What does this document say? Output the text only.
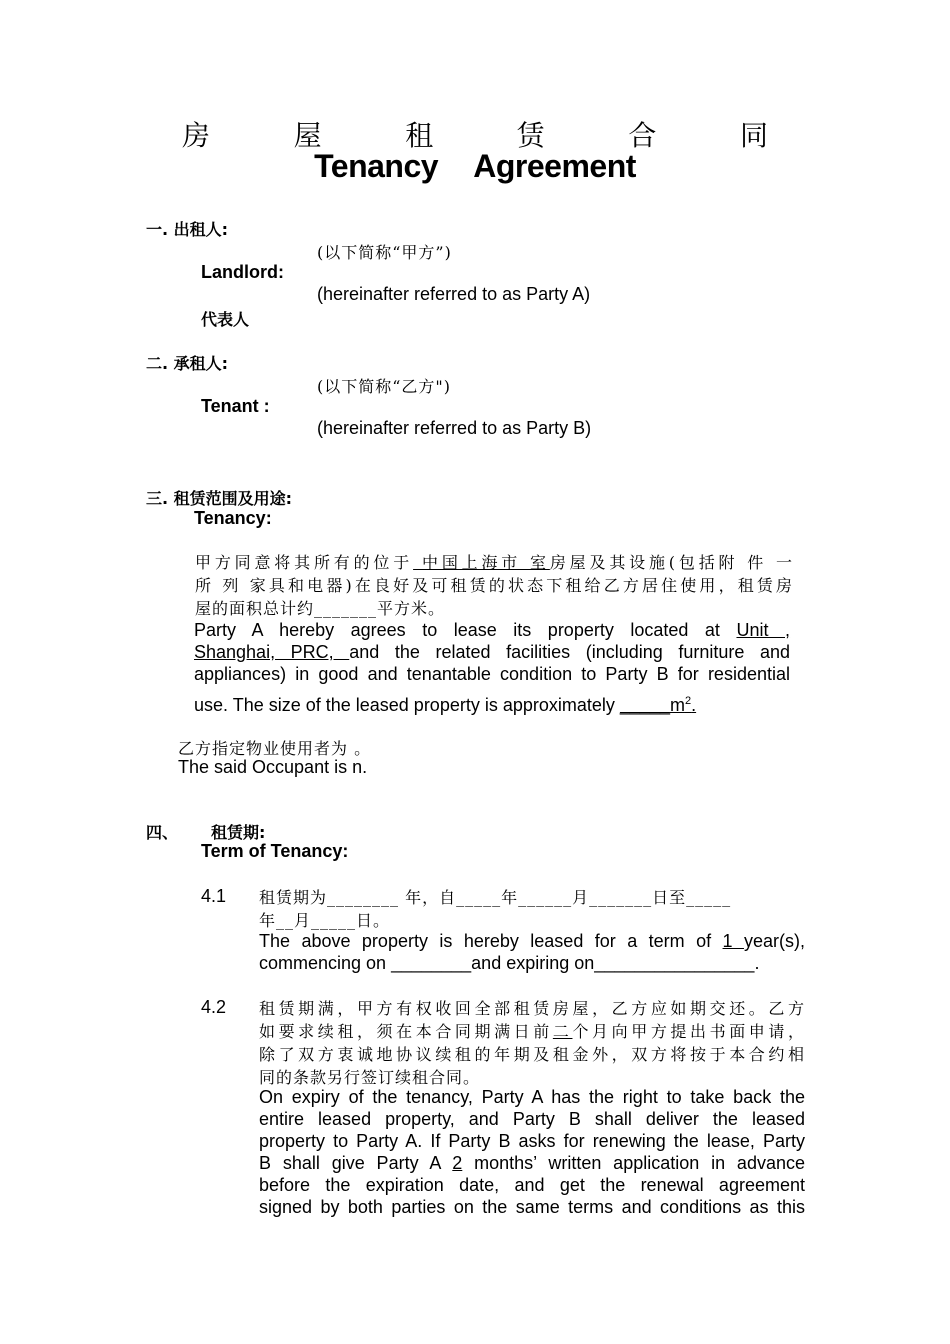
房	屋	租	赁	合	同
Tenancy Agreement
一. 出租人:
(以下简称“甲方”)
Landlord:
(hereinafter referred to as Party A)
代表人
二. 承租人:
(以下简称“乙方")
Tenant :
(hereinafter referred to as Party B)
三. 租赁范围及用途:
Tenancy:
甲方同意将其所有的位于 中国上海市 室房屋及其设施(包括附 件 一
所 列 家具和电器)在良好及可租赁的状态下租给乙方居住使用，租赁房
屋的面积总计约_______平方米。
Party A hereby agrees to lease its property located at Unit ,
Shanghai, PRC, and the related facilities (including furniture and
appliances) in good and tenantable condition to Party B for residential
use. The size of the leased property is approximately $\_\_\_\_\_m^2$.
乙方指定物业使用者为 。
The said Occupant is n.
四、 租赁期:
Term of Tenancy:
4.1 租赁期为________ 年，自_____年______月_______日至_____
年__月_____日。
The above property is hereby leased for a term of 1 year(s),
commencing on ________and expiring on________________.
4.2 租赁期满，甲方有权收回全部租赁房屋，乙方应如期交还。乙方
如要求续租，须在本合同期满日前二个月向甲方提出书面申请，
除了双方衷诚地协议续租的年期及租金外，双方将按于本合约相
同的条款另行签订续租合同。
On expiry of the tenancy, Party A has the right to take back the
entire leased property, and Party B shall deliver the leased
property to Party A. If Party B asks for renewing the lease, Party
B shall give Party A 2 months’ written application in advance
before the expiration date, and get the renewal agreement
signed by both parties on the same terms and conditions as this
